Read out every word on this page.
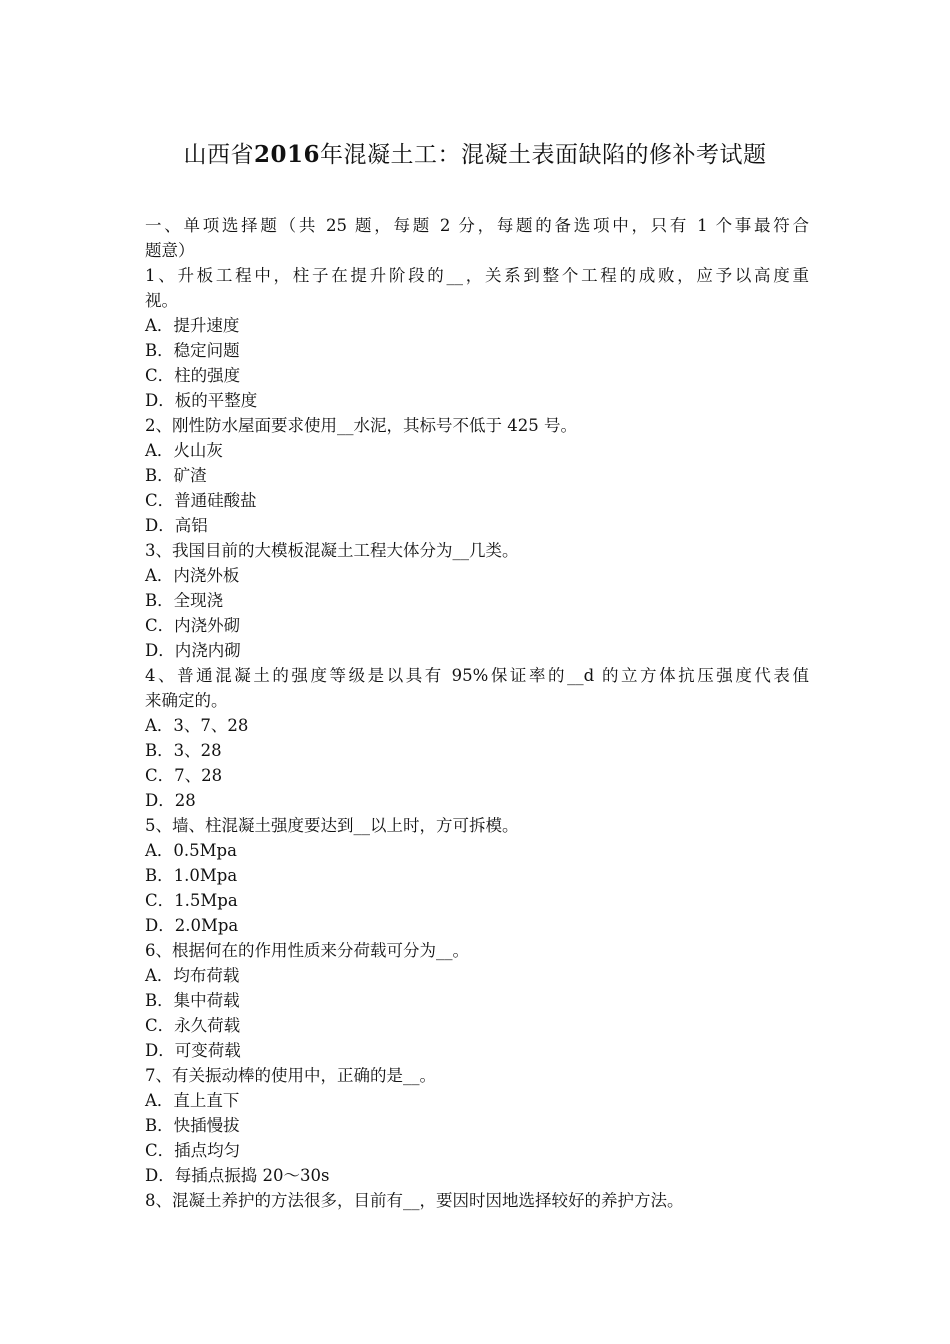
山西省2016年混凝土工：混凝土表面缺陷的修补考试题
一、单项选择题（共 25 题，每题 2 分，每题的备选项中，只有 1 个事最符合
题意）
1、升板工程中，柱子在提升阶段的__，关系到整个工程的成败，应予以高度重
视。
A．提升速度
B．稳定问题
C．柱的强度
D．板的平整度
2、刚性防水屋面要求使用__水泥，其标号不低于 425 号。
A．火山灰
B．矿渣
C．普通硅酸盐
D．高铝
3、我国目前的大模板混凝土工程大体分为__几类。
A．内浇外板
B．全现浇
C．内浇外砌
D．内浇内砌
4、普通混凝土的强度等级是以具有 95%保证率的__d 的立方体抗压强度代表值
来确定的。
A．3、7、28
B．3、28
C．7、28
D．28
5、墙、柱混凝土强度要达到__以上时，方可拆模。
A．0.5Mpa
B．1.0Mpa
C．1.5Mpa
D．2.0Mpa
6、根据何在的作用性质来分荷载可分为__。
A．均布荷载
B．集中荷载
C．永久荷载
D．可变荷载
7、有关振动棒的使用中，正确的是__。
A．直上直下
B．快插慢拔
C．插点均匀
D．每插点振捣 20～30s
8、混凝土养护的方法很多，目前有__，要因时因地选择较好的养护方法。
